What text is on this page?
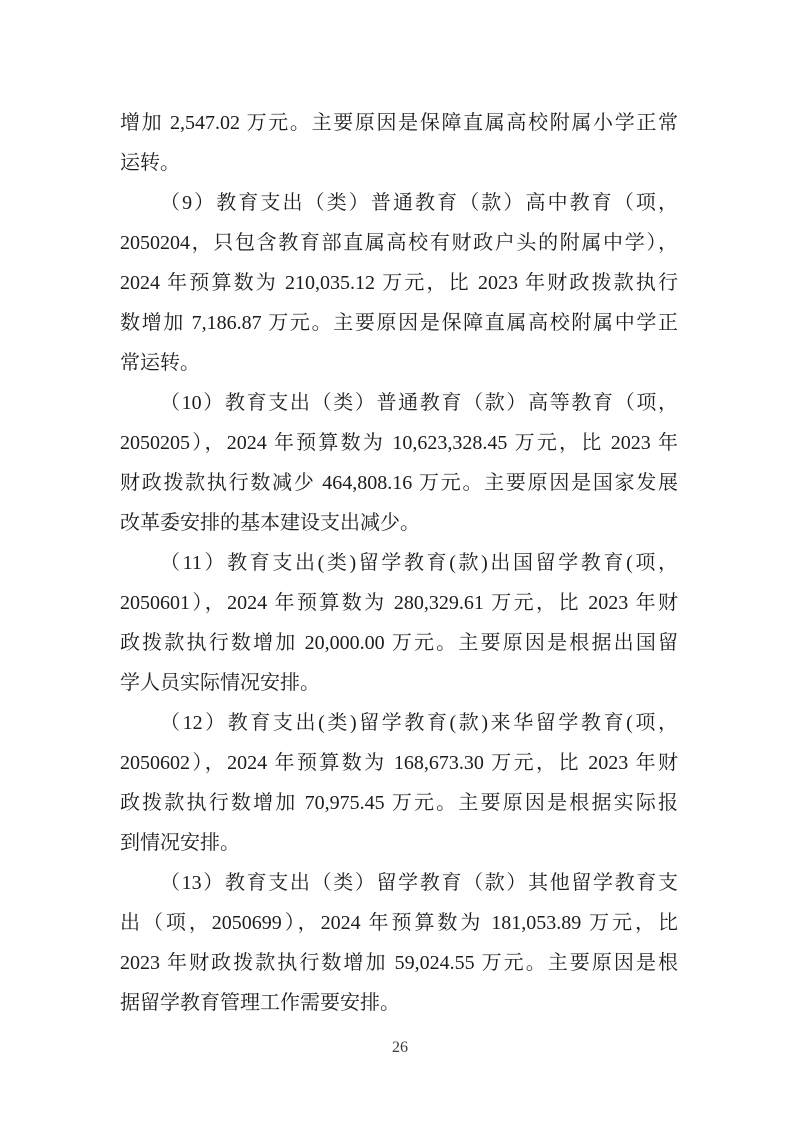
增加 2,547.02 万元。主要原因是保障直属高校附属小学正常
运转。
（9）教育支出（类）普通教育（款）高中教育（项，
2050204，只包含教育部直属高校有财政户头的附属中学），
2024 年预算数为 210,035.12 万元，比 2023 年财政拨款执行
数增加 7,186.87 万元。主要原因是保障直属高校附属中学正
常运转。
（10）教育支出（类）普通教育（款）高等教育（项，
2050205），2024 年预算数为 10,623,328.45 万元，比 2023 年
财政拨款执行数减少 464,808.16 万元。主要原因是国家发展
改革委安排的基本建设支出减少。
（11）教育支出(类)留学教育(款)出国留学教育(项，
2050601），2024 年预算数为 280,329.61 万元，比 2023 年财
政拨款执行数增加 20,000.00 万元。主要原因是根据出国留
学人员实际情况安排。
（12）教育支出(类)留学教育(款)来华留学教育(项，
2050602），2024 年预算数为 168,673.30 万元，比 2023 年财
政拨款执行数增加 70,975.45 万元。主要原因是根据实际报
到情况安排。
（13）教育支出（类）留学教育（款）其他留学教育支
出（项，2050699），2024 年预算数为 181,053.89 万元，比
2023 年财政拨款执行数增加 59,024.55 万元。主要原因是根
据留学教育管理工作需要安排。
26
